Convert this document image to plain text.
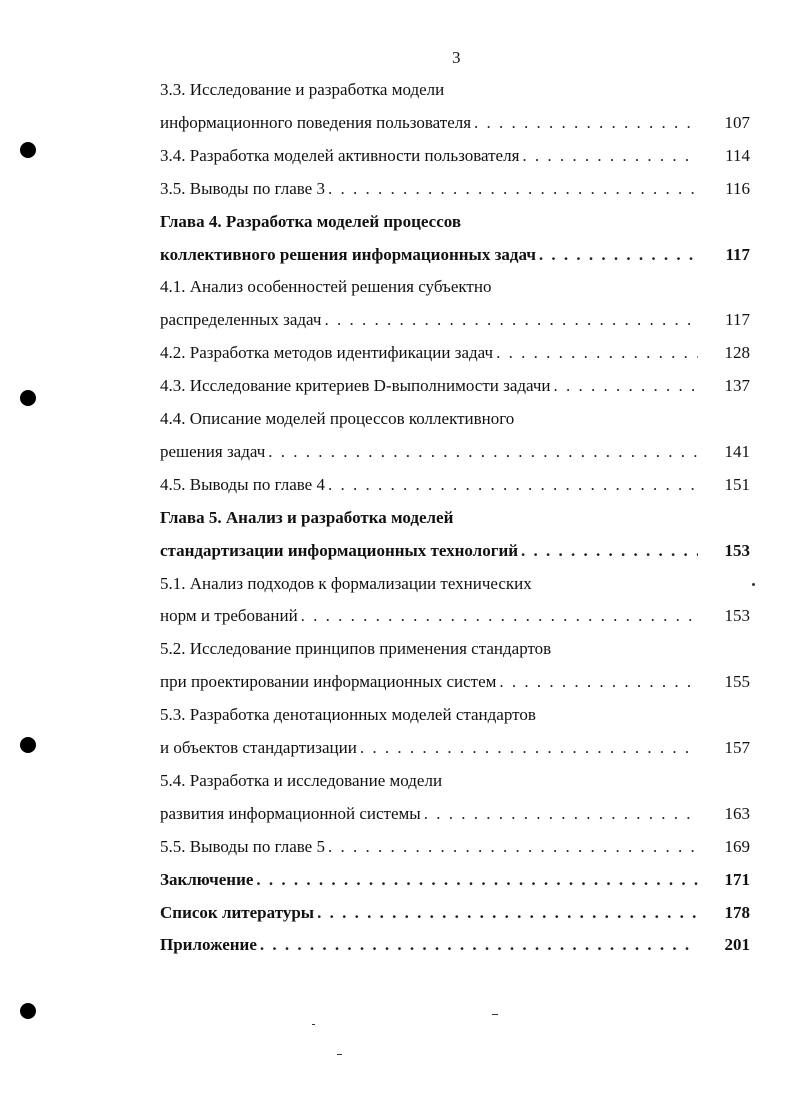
3
3.3. Исследование и разработка модели
информационного поведения пользователя . . .	107
3.4. Разработка моделей активности пользователя . . .	114
3.5. Выводы по главе 3 . . .	116
Глава 4. Разработка моделей процессов
коллективного решения информационных задач . . .	117
4.1. Анализ особенностей решения субъектно
распределенных задач . . .	117
4.2. Разработка методов идентификации задач . . .	128
4.3. Исследование критериев D-выполнимости задачи . . .	137
4.4. Описание моделей процессов коллективного
решения задач . . .	141
4.5. Выводы по главе 4 . . .	151
Глава 5. Анализ и разработка моделей
стандартизации информационных технологий . . .	153
5.1. Анализ подходов к формализации технических
норм и требований . . .	153
5.2. Исследование принципов применения стандартов
при проектировании информационных систем . . .	155
5.3. Разработка денотационных моделей стандартов
и объектов стандартизации . . .	157
5.4. Разработка и исследование модели
развития информационной системы . . .	163
5.5. Выводы по главе 5 . . .	169
Заключение . . .	171
Список литературы . . .	178
Приложение . . .	201
